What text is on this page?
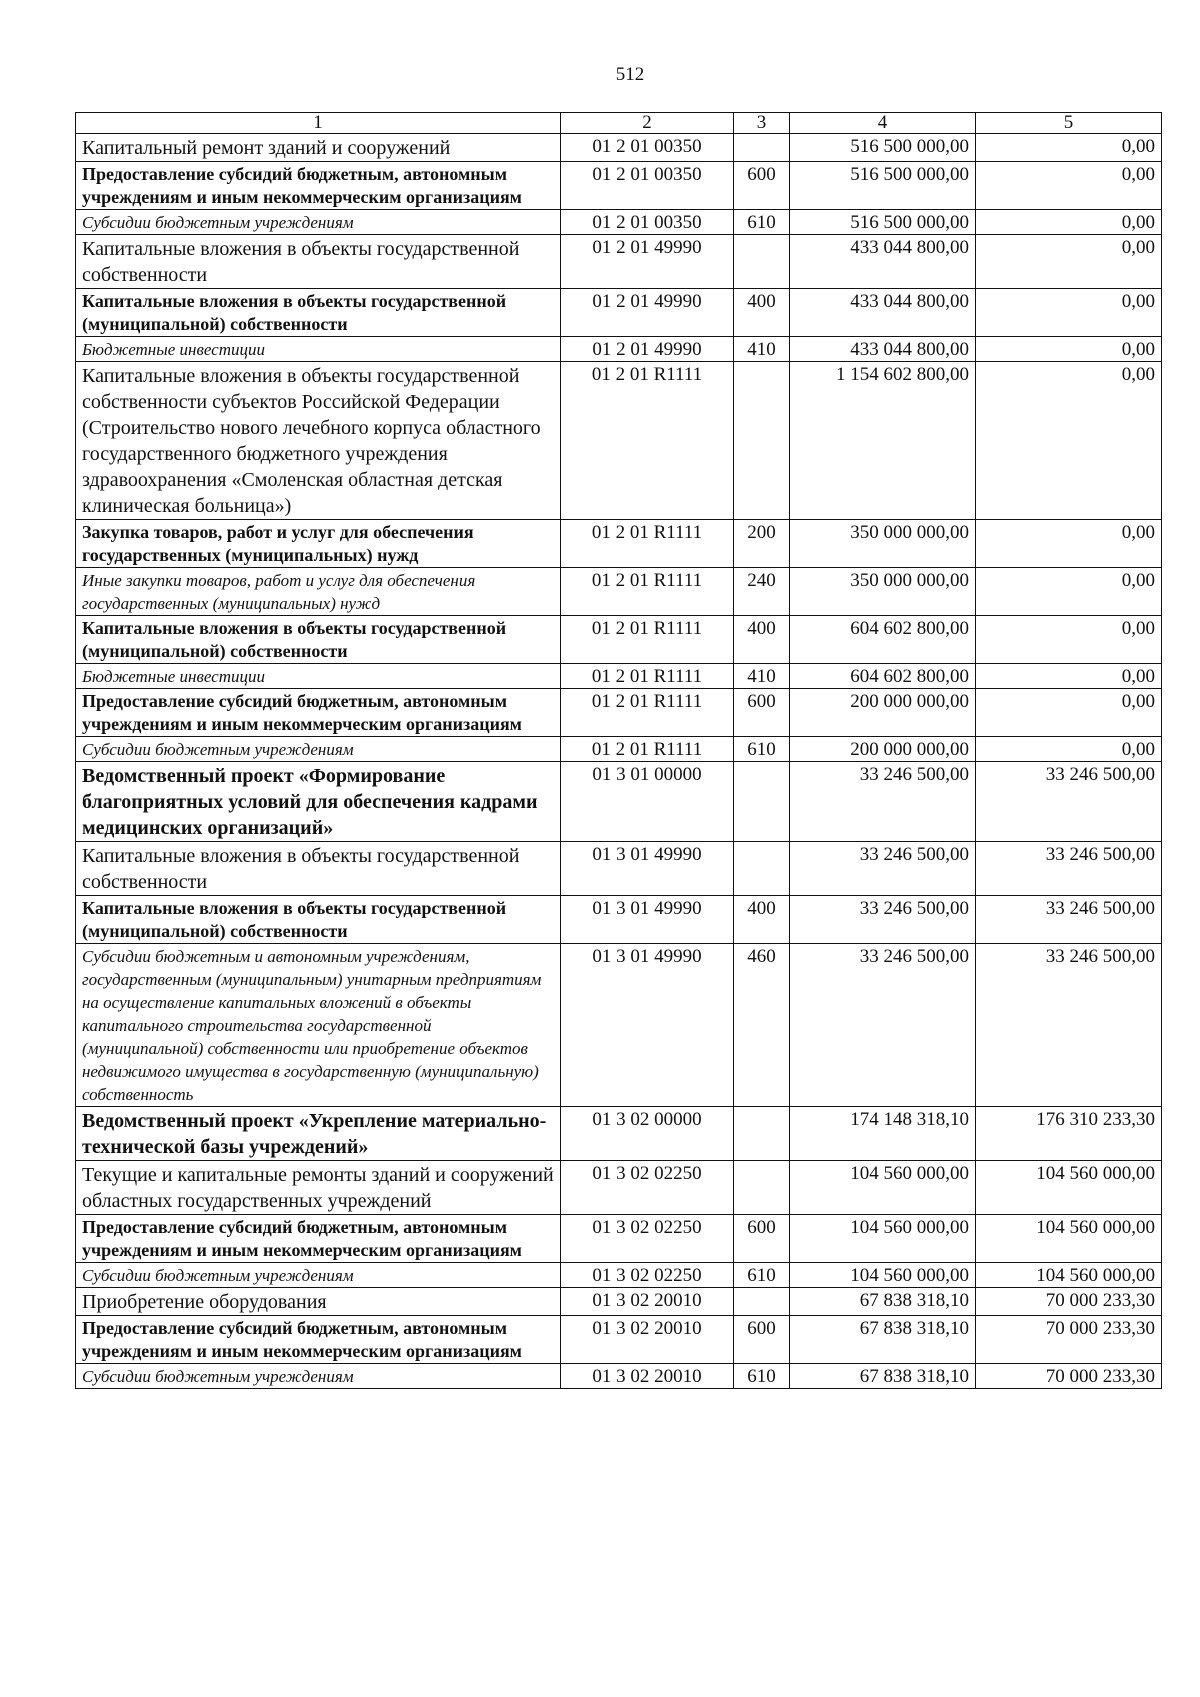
512
1	2	3	4	5
Капитальный ремонт зданий и сооружений	01 2 01 00350		516 500 000,00	0,00
Предоставление субсидий бюджетным, автономным учреждениям и иным некоммерческим организациям	01 2 01 00350	600	516 500 000,00	0,00
Субсидии бюджетным учреждениям	01 2 01 00350	610	516 500 000,00	0,00
Капитальные вложения в объекты государственной собственности	01 2 01 49990		433 044 800,00	0,00
Капитальные вложения в объекты государственной (муниципальной) собственности	01 2 01 49990	400	433 044 800,00	0,00
Бюджетные инвестиции	01 2 01 49990	410	433 044 800,00	0,00
Капитальные вложения в объекты государственной собственности субъектов Российской Федерации (Строительство нового лечебного корпуса областного государственного бюджетного учреждения здравоохранения «Смоленская областная детская клиническая больница»)	01 2 01 R1111		1 154 602 800,00	0,00
Закупка товаров, работ и услуг для обеспечения государственных (муниципальных) нужд	01 2 01 R1111	200	350 000 000,00	0,00
Иные закупки товаров, работ и услуг для обеспечения государственных (муниципальных) нужд	01 2 01 R1111	240	350 000 000,00	0,00
Капитальные вложения в объекты государственной (муниципальной) собственности	01 2 01 R1111	400	604 602 800,00	0,00
Бюджетные инвестиции	01 2 01 R1111	410	604 602 800,00	0,00
Предоставление субсидий бюджетным, автономным учреждениям и иным некоммерческим организациям	01 2 01 R1111	600	200 000 000,00	0,00
Субсидии бюджетным учреждениям	01 2 01 R1111	610	200 000 000,00	0,00
Ведомственный проект «Формирование благоприятных условий для обеспечения кадрами медицинских организаций»	01 3 01 00000		33 246 500,00	33 246 500,00
Капитальные вложения в объекты государственной собственности	01 3 01 49990		33 246 500,00	33 246 500,00
Капитальные вложения в объекты государственной (муниципальной) собственности	01 3 01 49990	400	33 246 500,00	33 246 500,00
Субсидии бюджетным и автономным учреждениям, государственным (муниципальным) унитарным предприятиям на осуществление капитальных вложений в объекты капитального строительства государственной (муниципальной) собственности или приобретение объектов недвижимого имущества в государственную (муниципальную) собственность	01 3 01 49990	460	33 246 500,00	33 246 500,00
Ведомственный проект «Укрепление материально-технической базы учреждений»	01 3 02 00000		174 148 318,10	176 310 233,30
Текущие и капитальные ремонты зданий и сооружений областных государственных учреждений	01 3 02 02250		104 560 000,00	104 560 000,00
Предоставление субсидий бюджетным, автономным учреждениям и иным некоммерческим организациям	01 3 02 02250	600	104 560 000,00	104 560 000,00
Субсидии бюджетным учреждениям	01 3 02 02250	610	104 560 000,00	104 560 000,00
Приобретение оборудования	01 3 02 20010		67 838 318,10	70 000 233,30
Предоставление субсидий бюджетным, автономным учреждениям и иным некоммерческим организациям	01 3 02 20010	600	67 838 318,10	70 000 233,30
Субсидии бюджетным учреждениям	01 3 02 20010	610	67 838 318,10	70 000 233,30
